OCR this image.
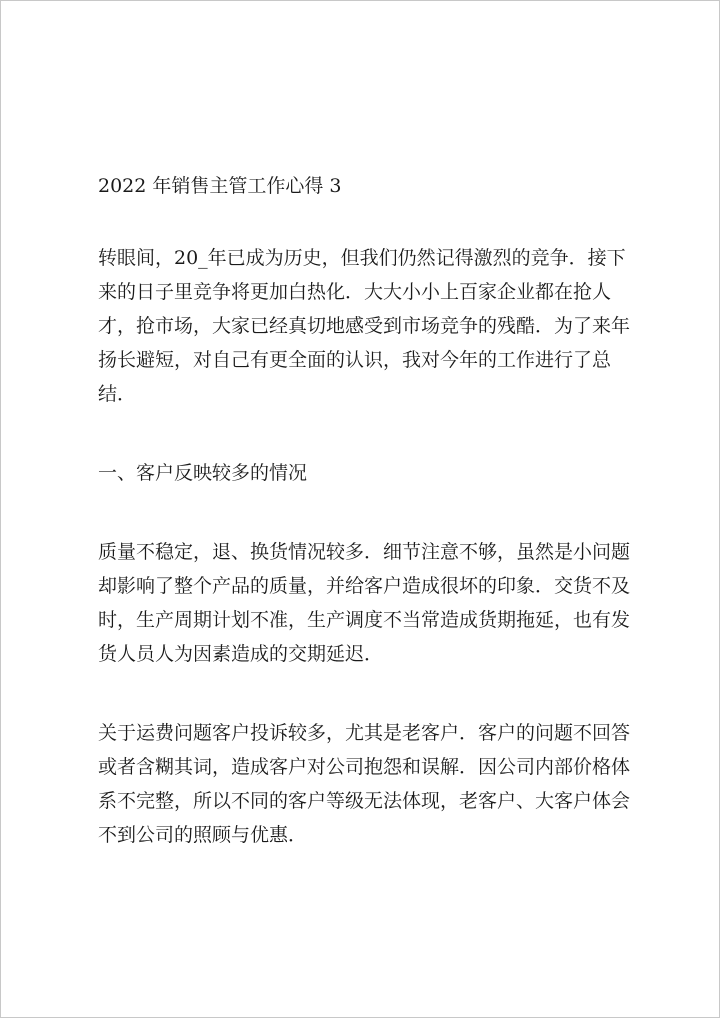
2022 年销售主管工作心得 3
转眼间，20_年已成为历史，但我们仍然记得激烈的竞争．接下
来的日子里竞争将更加白热化．大大小小上百家企业都在抢人
才，抢市场，大家已经真切地感受到市场竞争的残酷．为了来年
扬长避短，对自己有更全面的认识，我对今年的工作进行了总
结．
一、客户反映较多的情况
质量不稳定，退、换货情况较多．细节注意不够，虽然是小问题
却影响了整个产品的质量，并给客户造成很坏的印象．交货不及
时，生产周期计划不准，生产调度不当常造成货期拖延，也有发
货人员人为因素造成的交期延迟．
关于运费问题客户投诉较多，尤其是老客户．客户的问题不回答
或者含糊其词，造成客户对公司抱怨和误解．因公司内部价格体
系不完整，所以不同的客户等级无法体现，老客户、大客户体会
不到公司的照顾与优惠．
